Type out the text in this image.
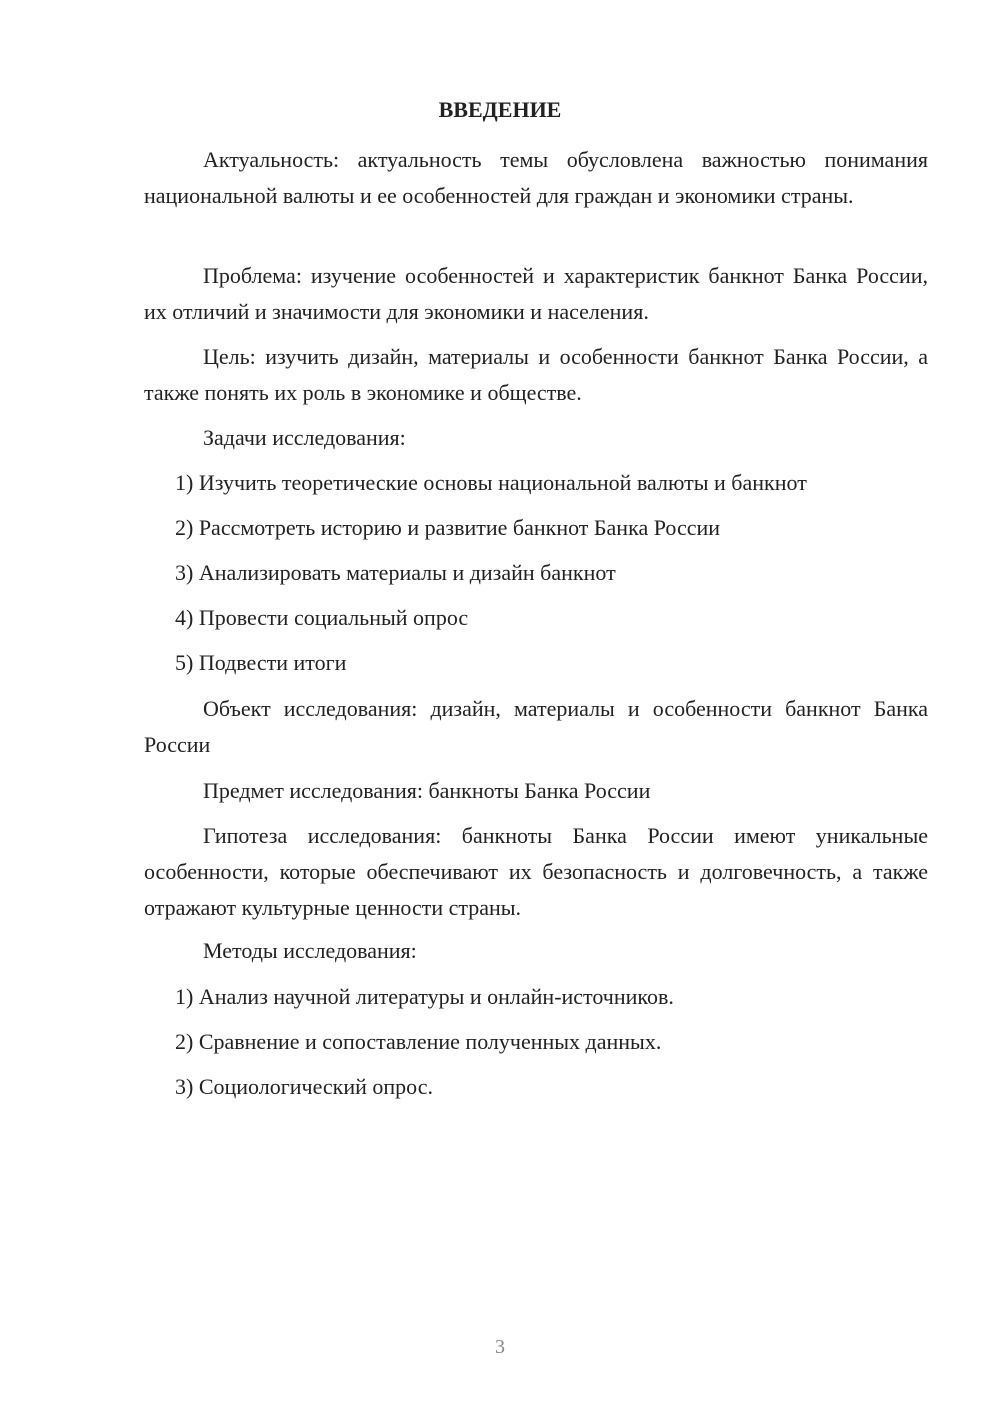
ВВЕДЕНИЕ
Актуальность: актуальность темы обусловлена важностью понимания национальной валюты и ее особенностей для граждан и экономики страны.
Проблема: изучение особенностей и характеристик банкнот Банка России, их отличий и значимости для экономики и населения.
Цель: изучить дизайн, материалы и особенности банкнот Банка России, а также понять их роль в экономике и обществе.
Задачи исследования:
1) Изучить теоретические основы национальной валюты и банкнот
2) Рассмотреть историю и развитие банкнот Банка России
3) Анализировать материалы и дизайн банкнот
4) Провести социальный опрос
5) Подвести итоги
Объект исследования: дизайн, материалы и особенности банкнот Банка России
Предмет исследования: банкноты Банка России
Гипотеза исследования: банкноты Банка России имеют уникальные особенности, которые обеспечивают их безопасность и долговечность, а также отражают культурные ценности страны.
Методы исследования:
1) Анализ научной литературы и онлайн-источников.
2) Сравнение и сопоставление полученных данных.
3) Социологический опрос.
3
